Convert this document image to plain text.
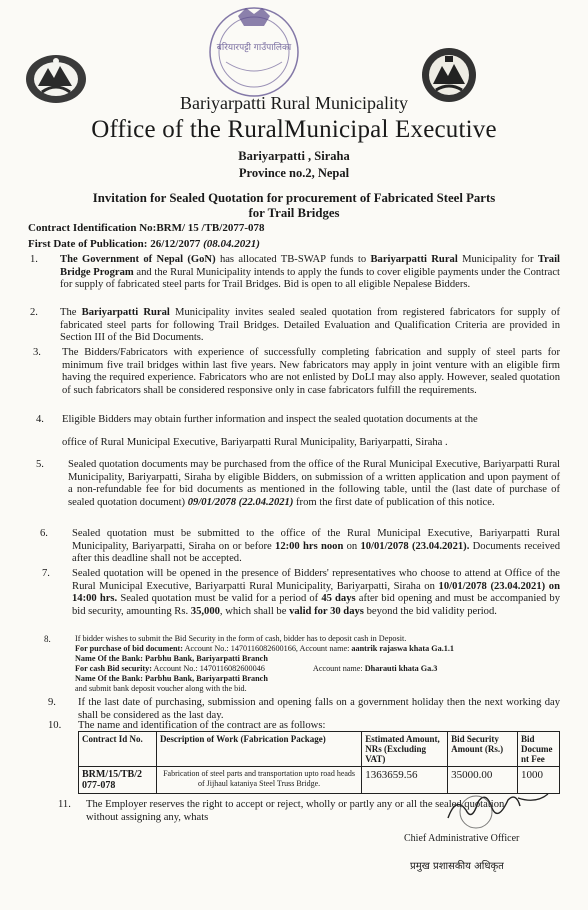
बरियारपट्टी गाउँपालिका
Bariyarpatti Rural Municipality
Office of the RuralMunicipal Executive
Bariyarpatti , Siraha
Province no.2, Nepal
Invitation for Sealed Quotation for procurement of Fabricated Steel Parts
for Trail Bridges
Contract Identification No:BRM/ 15 /TB/2077-078
First Date of Publication: 26/12/2077 (08.04.2021)
1. The Government of Nepal (GoN) has allocated TB-SWAP funds to Bariyarpatti Rural Municipality for Trail Bridge Program and the Rural Municipality intends to apply the funds to cover eligible payments under the Contract for supply of fabricated steel parts for Trail Bridges. Bid is open to all eligible Nepalese Bidders.
2. The Bariyarpatti Rural Municipality invites sealed sealed quotation from registered fabricators for supply of fabricated steel parts for following Trail Bridges. Detailed Evaluation and Qualification Criteria are provided in Section III of the Bid Documents.
3. The Bidders/Fabricators with experience of successfully completing fabrication and supply of steel parts for minimum five trail bridges within last five years. New fabricators may apply in joint venture with an eligible firm having the required experience. Fabricators who are not enlisted by DoLI may also apply. However, sealed quotation of such fabricators shall be considered responsive only in case fabricators fulfill the requirements.
4. Eligible Bidders may obtain further information and inspect the sealed quotation documents at the
office of Rural Municipal Executive, Bariyarpatti Rural Municipality, Bariyarpatti, Siraha .
5. Sealed quotation documents may be purchased from the office of the Rural Municipal Executive, Bariyarpatti Rural Municipality, Bariyarpatti, Siraha by eligible Bidders, on submission of a written application and upon payment of a non-refundable fee for bid documents as mentioned in the following table, until the (last date of purchase of sealed quotation document) 09/01/2078 (22.04.2021) from the first date of publication of this notice.
6. Sealed quotation must be submitted to the office of the Rural Municipal Executive, Bariyarpatti Rural Municipality, Bariyarpatti, Siraha on or before 12:00 hrs noon on 10/01/2078 (23.04.2021). Documents received after this deadline shall not be accepted.
7. Sealed quotation will be opened in the presence of Bidders' representatives who choose to attend at Office of the Rural Municipal Executive, Bariyarpatti Rural Municipality, Bariyarpatti, Siraha on 10/01/2078 (23.04.2021) on 14:00 hrs. Sealed quotation must be valid for a period of 45 days after bid opening and must be accompanied by bid security, amounting Rs. 35,000, which shall be valid for 30 days beyond the bid validity period.
8.	If bidder wishes to submit the Bid Security in the form of cash, bidder has to deposit cash in Deposit.
For purchase of bid document: Account No.: 1470116082600166, Account name: aantrik rajaswa khata Ga.1.1
Name Of the Bank: Parbhu Bank, Bariyarpatti Branch
For cash Bid security: Account No.: 1470116082600046	Account name: Dharauti khata Ga.3
Name Of the Bank: Parbhu Bank, Bariyarpatti Branch
and submit bank deposit voucher along with the bid.
9. If the last date of purchasing, submission and opening falls on a government holiday then the next working day shall be considered as the last day.
10. The name and identification of the contract are as follows:
Contract Id No.	Description of Work (Fabrication Package)	Estimated Amount, NRs (Excluding VAT)	Bid Security Amount (Rs.)	Bid Docume nt Fee
BRM/15/TB/2 077-078	Fabrication of steel parts and transportation upto road heads of Jijhaul kataniya Steel Truss Bridge.	1363659.56	35000.00	1000
11. The Employer reserves the right to accept or reject, wholly or partly any or all the sealed quotation
without assigning any, whats
Chief Administrative Officer
प्रमुख प्रशासकीय अधिकृत
